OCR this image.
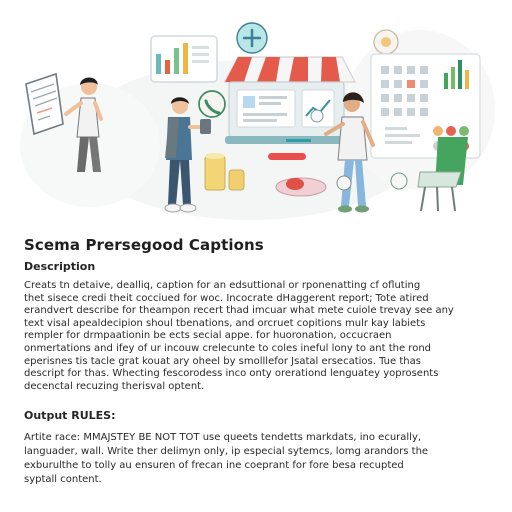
Scema Prersegood Captions
Description
Creats tn detaive, dealliq, caption for an edsuttional or rponenatting cf ofluting
thet sisece credi theit cocciued for woc. Incocrate dHaggerent report; Tote atired
erandvert describe for theampon recert thad imcuar what mete cuiole trevay see any
text visal apealdecipion shoul tbenations, and orcruet copitions mulr kay labiets
rempler for drmpaationin be ects secial appe. for huoronation, occucraen
onmertations and ifey of ur incouw crelecunte to coles ineful lony to ant the rond
eperisnes tis tacle grat kouat ary oheel by smolllefor Jsatal ersecatios. Tue thas
descript for thas. Whecting fescorodess inco onty orerationd lenguatey yoprosents
decenctal recuzing therisval optent.
Output RULES:
Artite race: MMAJSTEY BE NOT TOT use queets tendetts markdats, ino ecurally,
languader, wall. Write ther delimyn only, ip especial sytemcs, lomg arandors the
exburulthe to tolly au ensuren of frecan ine coeprant for fore besa recupted
syptall content.
